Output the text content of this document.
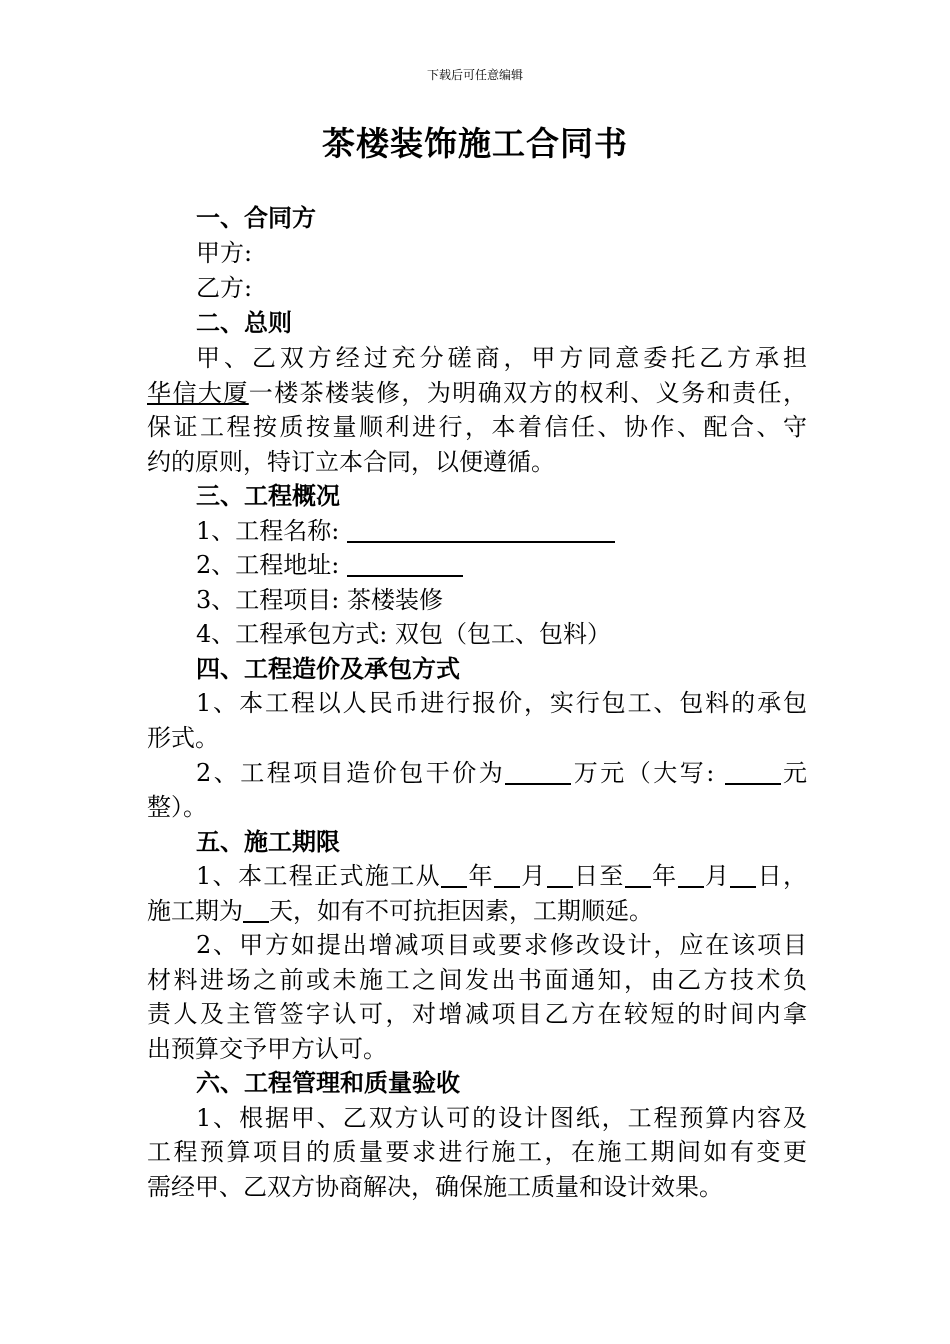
下载后可任意编辑
茶楼装饰施工合同书
一、合同方
甲方:
乙方:
二、总则
甲、乙双方经过充分磋商，甲方同意委托乙方承担
华信大厦一楼茶楼装修，为明确双方的权利、义务和责任，
保证工程按质按量顺利进行，本着信任、协作、配合、守
约的原则，特订立本合同，以便遵循。
三、工程概况
1、工程名称:
2、工程地址:
3、工程项目: 茶楼装修
4、工程承包方式: 双包（包工、包料）
四、工程造价及承包方式
1、本工程以人民币进行报价，实行包工、包料的承包
形式。
2、工程项目造价包干价为	万元（大写:	元
整）。
五、施工期限
1、本工程正式施工从 年 月 日至 年 月 日，
施工期为 天，如有不可抗拒因素，工期顺延。
2、甲方如提出增减项目或要求修改设计，应在该项目
材料进场之前或未施工之间发出书面通知，由乙方技术负
责人及主管签字认可，对增减项目乙方在较短的时间内拿
出预算交予甲方认可。
六、工程管理和质量验收
1、根据甲、乙双方认可的设计图纸，工程预算内容及
工程预算项目的质量要求进行施工，在施工期间如有变更
需经甲、乙双方协商解决，确保施工质量和设计效果。
